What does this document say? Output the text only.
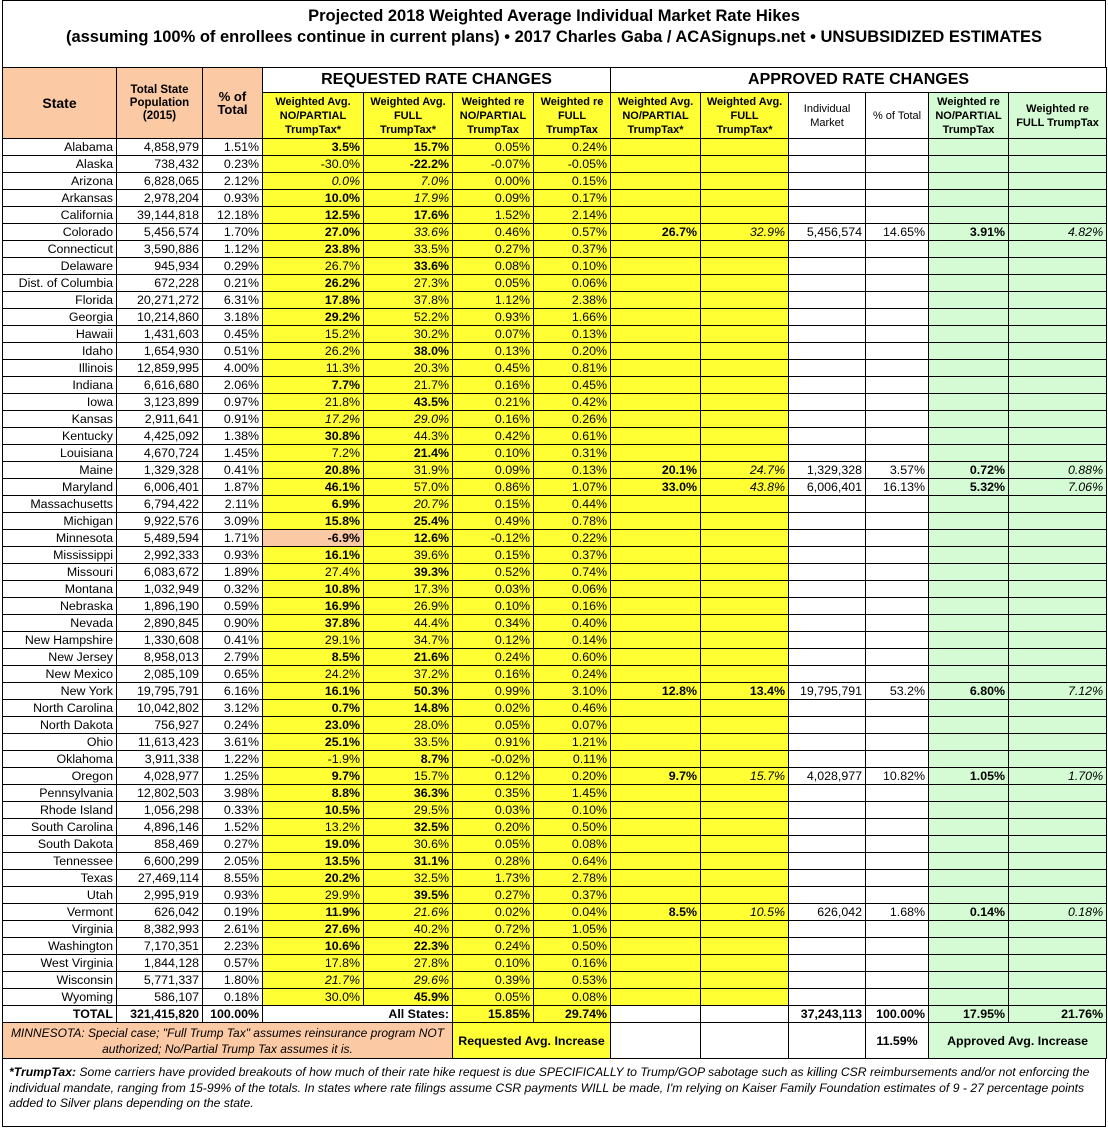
Projected 2018 Weighted Average Individual Market Rate Hikes
(assuming 100% of enrollees continue in current plans) • 2017 Charles Gaba / ACASignups.net • UNSUBSIDIZED ESTIMATES
State	Total State Population (2015)	% of Total	REQUESTED RATE CHANGES				APPROVED RATE CHANGES					
			Weighted Avg. NO/PARTIAL TrumpTax*	Weighted Avg. FULL TrumpTax*	Weighted re NO/PARTIAL TrumpTax	Weighted re FULL TrumpTax	Weighted Avg. NO/PARTIAL TrumpTax*	Weighted Avg. FULL TrumpTax*	Individual Market	% of Total	Weighted re NO/PARTIAL TrumpTax	Weighted re FULL TrumpTax
Alabama	4,858,979	1.51%	3.5%	15.7%	0.05%	0.24%						
Alaska	738,432	0.23%	-30.0%	-22.2%	-0.07%	-0.05%						
Arizona	6,828,065	2.12%	0.0%	7.0%	0.00%	0.15%						
Arkansas	2,978,204	0.93%	10.0%	17.9%	0.09%	0.17%						
California	39,144,818	12.18%	12.5%	17.6%	1.52%	2.14%						
Colorado	5,456,574	1.70%	27.0%	33.6%	0.46%	0.57%	26.7%	32.9%	5,456,574	14.65%	3.91%	4.82%
Connecticut	3,590,886	1.12%	23.8%	33.5%	0.27%	0.37%						
Delaware	945,934	0.29%	26.7%	33.6%	0.08%	0.10%						
Dist. of Columbia	672,228	0.21%	26.2%	27.3%	0.05%	0.06%						
Florida	20,271,272	6.31%	17.8%	37.8%	1.12%	2.38%						
Georgia	10,214,860	3.18%	29.2%	52.2%	0.93%	1.66%						
Hawaii	1,431,603	0.45%	15.2%	30.2%	0.07%	0.13%						
Idaho	1,654,930	0.51%	26.2%	38.0%	0.13%	0.20%						
Illinois	12,859,995	4.00%	11.3%	20.3%	0.45%	0.81%						
Indiana	6,616,680	2.06%	7.7%	21.7%	0.16%	0.45%						
Iowa	3,123,899	0.97%	21.8%	43.5%	0.21%	0.42%						
Kansas	2,911,641	0.91%	17.2%	29.0%	0.16%	0.26%						
Kentucky	4,425,092	1.38%	30.8%	44.3%	0.42%	0.61%						
Louisiana	4,670,724	1.45%	7.2%	21.4%	0.10%	0.31%						
Maine	1,329,328	0.41%	20.8%	31.9%	0.09%	0.13%	20.1%	24.7%	1,329,328	3.57%	0.72%	0.88%
Maryland	6,006,401	1.87%	46.1%	57.0%	0.86%	1.07%	33.0%	43.8%	6,006,401	16.13%	5.32%	7.06%
Massachusetts	6,794,422	2.11%	6.9%	20.7%	0.15%	0.44%						
Michigan	9,922,576	3.09%	15.8%	25.4%	0.49%	0.78%						
Minnesota	5,489,594	1.71%	-6.9%	12.6%	-0.12%	0.22%						
Mississippi	2,992,333	0.93%	16.1%	39.6%	0.15%	0.37%						
Missouri	6,083,672	1.89%	27.4%	39.3%	0.52%	0.74%						
Montana	1,032,949	0.32%	10.8%	17.3%	0.03%	0.06%						
Nebraska	1,896,190	0.59%	16.9%	26.9%	0.10%	0.16%						
Nevada	2,890,845	0.90%	37.8%	44.4%	0.34%	0.40%						
New Hampshire	1,330,608	0.41%	29.1%	34.7%	0.12%	0.14%						
New Jersey	8,958,013	2.79%	8.5%	21.6%	0.24%	0.60%						
New Mexico	2,085,109	0.65%	24.2%	37.2%	0.16%	0.24%						
New York	19,795,791	6.16%	16.1%	50.3%	0.99%	3.10%	12.8%	13.4%	19,795,791	53.2%	6.80%	7.12%
North Carolina	10,042,802	3.12%	0.7%	14.8%	0.02%	0.46%						
North Dakota	756,927	0.24%	23.0%	28.0%	0.05%	0.07%						
Ohio	11,613,423	3.61%	25.1%	33.5%	0.91%	1.21%						
Oklahoma	3,911,338	1.22%	-1.9%	8.7%	-0.02%	0.11%						
Oregon	4,028,977	1.25%	9.7%	15.7%	0.12%	0.20%	9.7%	15.7%	4,028,977	10.82%	1.05%	1.70%
Pennsylvania	12,802,503	3.98%	8.8%	36.3%	0.35%	1.45%						
Rhode Island	1,056,298	0.33%	10.5%	29.5%	0.03%	0.10%						
South Carolina	4,896,146	1.52%	13.2%	32.5%	0.20%	0.50%						
South Dakota	858,469	0.27%	19.0%	30.6%	0.05%	0.08%						
Tennessee	6,600,299	2.05%	13.5%	31.1%	0.28%	0.64%						
Texas	27,469,114	8.55%	20.2%	32.5%	1.73%	2.78%						
Utah	2,995,919	0.93%	29.9%	39.5%	0.27%	0.37%						
Vermont	626,042	0.19%	11.9%	21.6%	0.02%	0.04%	8.5%	10.5%	626,042	1.68%	0.14%	0.18%
Virginia	8,382,993	2.61%	27.6%	40.2%	0.72%	1.05%						
Washington	7,170,351	2.23%	10.6%	22.3%	0.24%	0.50%						
West Virginia	1,844,128	0.57%	17.8%	27.8%	0.10%	0.16%						
Wisconsin	5,771,337	1.80%	21.7%	29.6%	0.39%	0.53%						
Wyoming	586,107	0.18%	30.0%	45.9%	0.05%	0.08%						
TOTAL	321,415,820	100.00%	All States:		15.85%	29.74%			37,243,113	100.00%	17.95%	21.76%
MINNESOTA: Special case; "Full Trump Tax" assumes reinsurance program NOT authorized; No/Partial Trump Tax assumes it is.					Requested Avg. Increase					11.59%	Approved Avg. Increase	
*TrumpTax: Some carriers have provided breakouts of how much of their rate hike request is due SPECIFICALLY to Trump/GOP sabotage such as killing CSR reimbursements and/or not enforcing the individual mandate, ranging from 15-99% of the totals. In states where rate filings assume CSR payments WILL be made, I'm relying on Kaiser Family Foundation estimates of 9 - 27 percentage points added to Silver plans depending on the state.
